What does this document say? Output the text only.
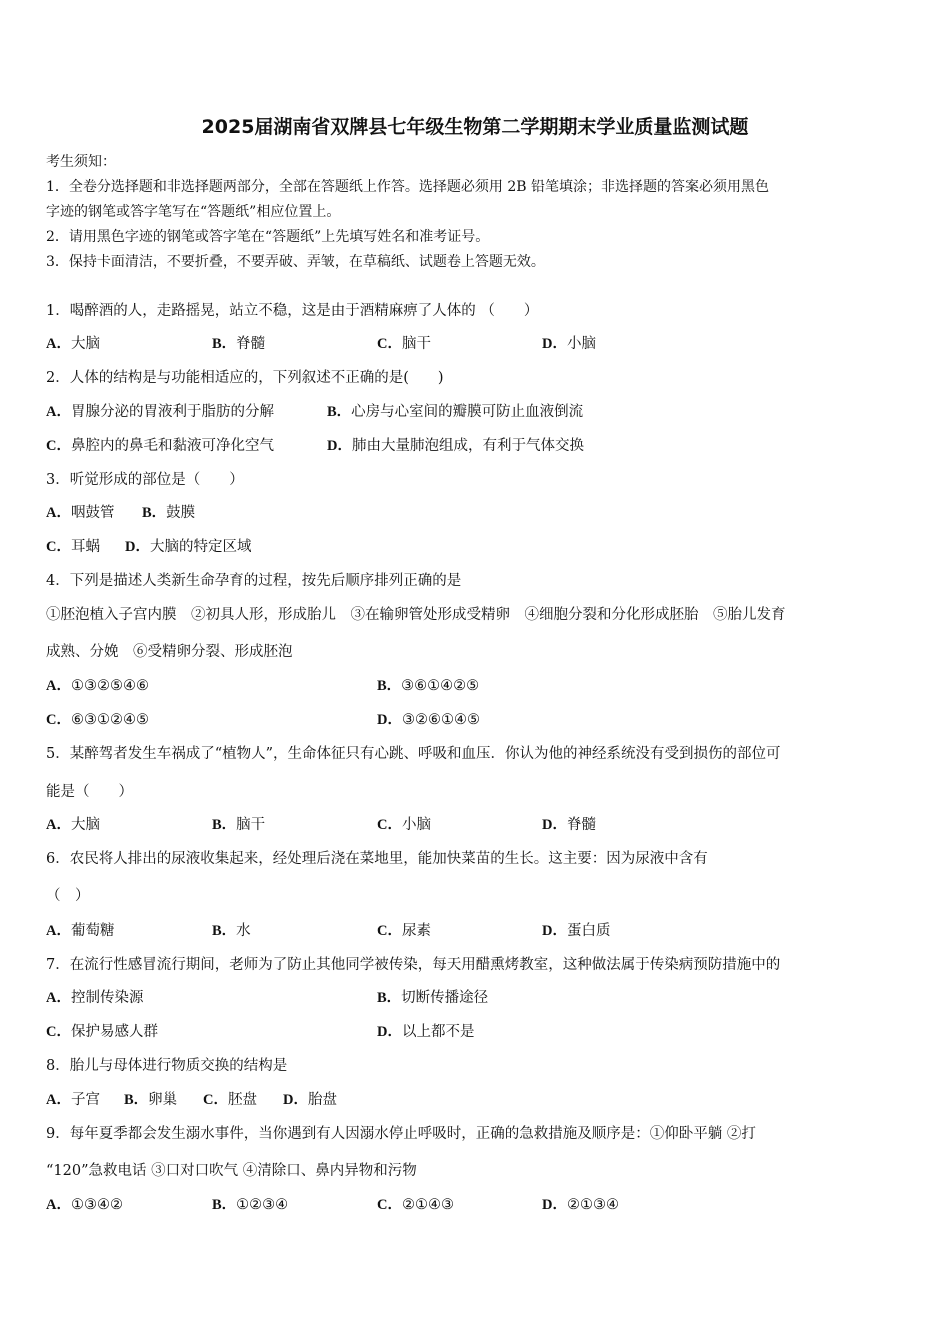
2025届湖南省双牌县七年级生物第二学期期末学业质量监测试题
考生须知：
1．全卷分选择题和非选择题两部分，全部在答题纸上作答。选择题必须用 2B 铅笔填涂；非选择题的答案必须用黑色
字迹的钢笔或答字笔写在“答题纸”相应位置上。
2．请用黑色字迹的钢笔或答字笔在“答题纸”上先填写姓名和准考证号。
3．保持卡面清洁，不要折叠，不要弄破、弄皱，在草稿纸、试题卷上答题无效。
1．喝醉酒的人，走路摇晃，站立不稳，这是由于酒精麻痹了人体的 （　　）
A．大脑	B．脊髓	C．脑干	D．小脑
2．人体的结构是与功能相适应的，下列叙述不正确的是(　　)
A．胃腺分泌的胃液利于脂肪的分解	B．心房与心室间的瓣膜可防止血液倒流
C．鼻腔内的鼻毛和黏液可净化空气	D．肺由大量肺泡组成，有利于气体交换
3．听觉形成的部位是（　　）
A．咽鼓管 B．鼓膜
C．耳蜗 D．大脑的特定区域
4．下列是描述人类新生命孕育的过程，按先后顺序排列正确的是
①胚泡植入子宫内膜　②初具人形，形成胎儿　③在输卵管处形成受精卵　④细胞分裂和分化形成胚胎　⑤胎儿发育
成熟、分娩　⑥受精卵分裂、形成胚泡
A．①③②⑤④⑥	B．③⑥①④②⑤
C．⑥③①②④⑤	D．③②⑥①④⑤
5．某醉驾者发生车祸成了“植物人”，生命体征只有心跳、呼吸和血压．你认为他的神经系统没有受到损伤的部位可
能是（　　）
A．大脑	B．脑干	C．小脑	D．脊髓
6．农民将人排出的尿液收集起来，经处理后浇在菜地里，能加快菜苗的生长。这主要：因为尿液中含有
（　）
A．葡萄糖	B．水	C．尿素	D．蛋白质
7．在流行性感冒流行期间，老师为了防止其他同学被传染，每天用醋熏烤教室，这种做法属于传染病预防措施中的
A．控制传染源	B．切断传播途径
C．保护易感人群	D．以上都不是
8．胎儿与母体进行物质交换的结构是
A．子宫 B．卵巢 C．胚盘 D．胎盘
9．每年夏季都会发生溺水事件，当你遇到有人因溺水停止呼吸时，正确的急救措施及顺序是：①仰卧平躺 ②打
“120”急救电话 ③口对口吹气 ④清除口、鼻内异物和污物
A．①③④②	B．①②③④	C．②①④③	D．②①③④
